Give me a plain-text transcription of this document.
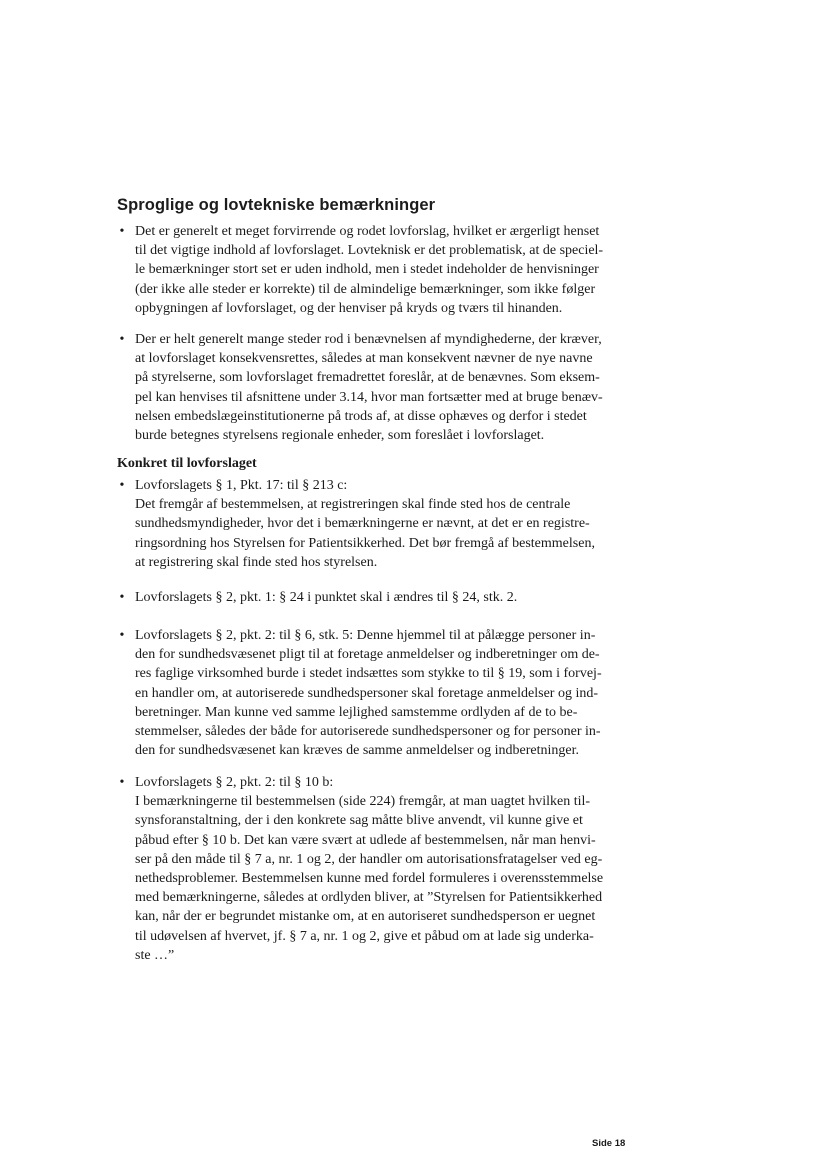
Sproglige og lovtekniske bemærkninger
• Det er generelt et meget forvirrende og rodet lovforslag, hvilket er ærgerligt henset
til det vigtige indhold af lovforslaget. Lovteknisk er det problematisk, at de speciel-
le bemærkninger stort set er uden indhold, men i stedet indeholder de henvisninger
(der ikke alle steder er korrekte) til de almindelige bemærkninger, som ikke følger
opbygningen af lovforslaget, og der henviser på kryds og tværs til hinanden.
• Der er helt generelt mange steder rod i benævnelsen af myndighederne, der kræver,
at lovforslaget konsekvensrettes, således at man konsekvent nævner de nye navne
på styrelserne, som lovforslaget fremadrettet foreslår, at de benævnes. Som eksem-
pel kan henvises til afsnittene under 3.14, hvor man fortsætter med at bruge benæv-
nelsen embedslægeinstitutionerne på trods af, at disse ophæves og derfor i stedet
burde betegnes styrelsens regionale enheder, som foreslået i lovforslaget.
Konkret til lovforslaget
• Lovforslagets § 1, Pkt. 17: til § 213 c:
Det fremgår af bestemmelsen, at registreringen skal finde sted hos de centrale
sundhedsmyndigheder, hvor det i bemærkningerne er nævnt, at det er en registre-
ringsordning hos Styrelsen for Patientsikkerhed. Det bør fremgå af bestemmelsen,
at registrering skal finde sted hos styrelsen.
• Lovforslagets § 2, pkt. 1: § 24 i punktet skal i ændres til § 24, stk. 2.
• Lovforslagets § 2, pkt. 2: til § 6, stk. 5: Denne hjemmel til at pålægge personer in-
den for sundhedsvæsenet pligt til at foretage anmeldelser og indberetninger om de-
res faglige virksomhed burde i stedet indsættes som stykke to til § 19, som i forvej-
en handler om, at autoriserede sundhedspersoner skal foretage anmeldelser og ind-
beretninger. Man kunne ved samme lejlighed samstemme ordlyden af de to be-
stemmelser, således der både for autoriserede sundhedspersoner og for personer in-
den for sundhedsvæsenet kan kræves de samme anmeldelser og indberetninger.
• Lovforslagets § 2, pkt. 2: til § 10 b:
I bemærkningerne til bestemmelsen (side 224) fremgår, at man uagtet hvilken til-
synsforanstaltning, der i den konkrete sag måtte blive anvendt, vil kunne give et
påbud efter § 10 b. Det kan være svært at udlede af bestemmelsen, når man henvi-
ser på den måde til § 7 a, nr. 1 og 2, der handler om autorisationsfratagelser ved eg-
nethedsproblemer. Bestemmelsen kunne med fordel formuleres i overensstemmelse
med bemærkningerne, således at ordlyden bliver, at ”Styrelsen for Patientsikkerhed
kan, når der er begrundet mistanke om, at en autoriseret sundhedsperson er uegnet
til udøvelsen af hvervet, jf. § 7 a, nr. 1 og 2, give et påbud om at lade sig underka-
ste …”
Side 18
